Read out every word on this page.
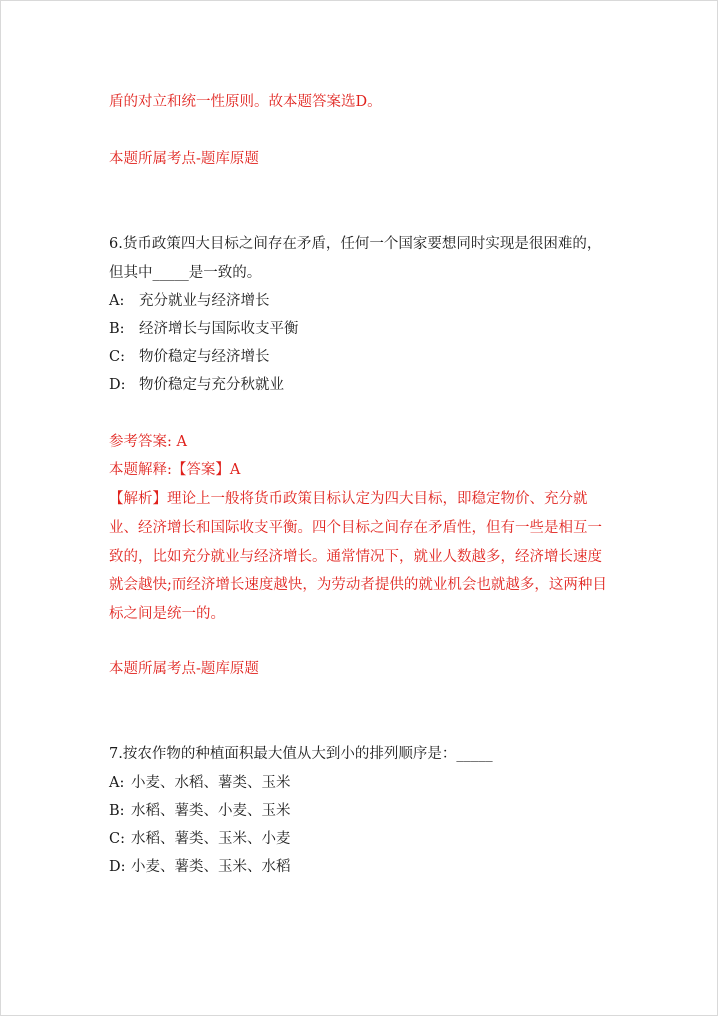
盾的对立和统一性原则。故本题答案选D。

本题所属考点-题库原题

6.货币政策四大目标之间存在矛盾，任何一个国家要想同时实现是很困难的，

但其中_____是一致的。

A: 充分就业与经济增长

B: 经济增长与国际收支平衡

C: 物价稳定与经济增长

D: 物价稳定与充分秋就业

参考答案: A

本题解释:【答案】A

【解析】理论上一般将货币政策目标认定为四大目标，即稳定物价、充分就

业、经济增长和国际收支平衡。四个目标之间存在矛盾性，但有一些是相互一

致的，比如充分就业与经济增长。通常情况下，就业人数越多，经济增长速度

就会越快;而经济增长速度越快，为劳动者提供的就业机会也就越多，这两种目

标之间是统一的。

本题所属考点-题库原题

7.按农作物的种植面积最大值从大到小的排列顺序是：_____

A: 小麦、水稻、薯类、玉米

B: 水稻、薯类、小麦、玉米

C: 水稻、薯类、玉米、小麦

D: 小麦、薯类、玉米、水稻
